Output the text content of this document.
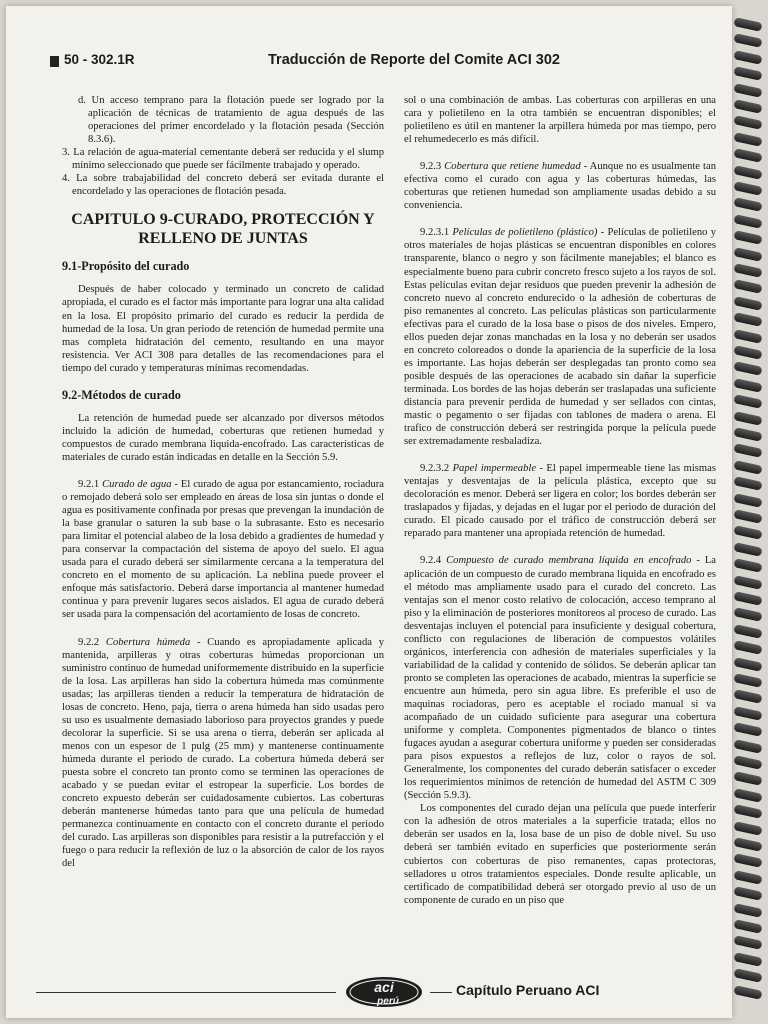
50 - 302.1R	Traducción de Reporte del Comite ACI 302

d. Un acceso temprano para la flotación puede ser logrado por la aplicación de técnicas de tratamiento de agua después de las operaciones del primer encordelado y la flotación pesada (Sección 8.3.6).

3. La relación de agua-material cementante deberá ser reducida y el slump mínimo seleccionado que puede ser fácilmente trabajado y operado.

4. La sobre trabajabilidad del concreto deberá ser evitada durante el encordelado y las operaciones de flotación pesada.

CAPITULO 9-CURADO, PROTECCIÓN Y
RELLENO DE JUNTAS
9.1-Propósito del curado

Después de haber colocado y terminado un concreto de calidad apropiada, el curado es el factor más importante para lograr una alta calidad en la losa. El propósito primario del curado es reducir la perdida de humedad de la losa. Un gran periodo de retención de humedad permite una mas completa hidratación del cemento, resultando en una mayor resistencia. Ver ACI 308 para detalles de las recomendaciones para el tiempo del curado y temperaturas mínimas recomendadas.

9.2-Métodos de curado

La retención de humedad puede ser alcanzado por diversos métodos incluido la adición de humedad, coberturas que retienen humedad y compuestos de curado membrana liquida-encofrado. Las características de materiales de curado están indicadas en detalle en la Sección 5.9.

9.2.1 Curado de agua - El curado de agua por estancamiento, rociadura o remojado deberá solo ser empleado en áreas de losa sin juntas o donde el agua es positivamente confinada por presas que prevengan la inundación de la base granular o saturen la sub base o la subrasante. Esto es necesario para limitar el potencial alabeo de la losa debido a gradientes de humedad y para conservar la compactación del sistema de apoyo del suelo. El agua usada para el curado deberá ser similarmente cercana a la temperatura del concreto en el momento de su aplicación. La neblina puede proveer el enfoque más satisfactorio. Deberá darse importancia al mantener humedad continua y para prevenir lugares secos aislados. El agua de curado deberá ser usada para la compensación del acortamiento de losas de concreto.

9.2.2 Cobertura húmeda - Cuando es apropiadamente aplicada y mantenida, arpilleras y otras coberturas húmedas proporcionan un suministro continuo de humedad uniformemente distribuido en la superficie de la losa. Las arpilleras han sido la cobertura húmeda mas comúnmente usadas; las arpilleras tienden a reducir la temperatura de hidratación de losas de concreto. Heno, paja, tierra o arena húmeda han sido usadas pero su uso es usualmente demasiado laborioso para proyectos grandes y puede decolorar la superficie. Si se usa arena o tierra, deberán ser aplicada al menos con un espesor de 1 pulg (25 mm) y mantenerse continuamente húmeda durante el periodo de curado. La cobertura húmeda deberá ser puesta sobre el concreto tan pronto como se terminen las operaciones de acabado y se puedan evitar el estropear la superficie. Los bordes de concreto expuesto deberán ser cuidadosamente cubiertos. Las coberturas deberán mantenerse húmedas tanto para que una película de humedad permanezca continuamente en contacto con el concreto durante el periodo del curado. Las arpilleras son disponibles para resistir a la putrefacción y el fuego o para reducir la reflexión de luz o la absorción de calor de los rayos del

sol o una combinación de ambas. Las coberturas con arpilleras en una cara y polietileno en la otra también se encuentran disponibles; el polietileno es útil en mantener la arpillera húmeda por mas tiempo, pero el rehumedecerlo es más difícil.

9.2.3 Cobertura que retiene humedad - Aunque no es usualmente tan efectiva como el curado con agua y las coberturas húmedas, las coberturas que retienen humedad son ampliamente usadas debido a su conveniencia.

9.2.3.1 Películas de polietileno (plástico) - Películas de polietileno y otros materiales de hojas plásticas se encuentran disponibles en colores transparente, blanco o negro y son fácilmente manejables; el blanco es especialmente bueno para cubrir concreto fresco sujeto a los rayos de sol. Estas películas evitan dejar residuos que pueden prevenir la adhesión de concreto nuevo al concreto endurecido o la adhesión de coberturas de piso remanentes al concreto. Las películas plásticas son particularmente efectivas para el curado de la losa base o pisos de dos niveles. Empero, ellos pueden dejar zonas manchadas en la losa y no deberán ser usados en concreto coloreados o donde la apariencia de la superficie de la losa es importante. Las hojas deberán ser desplegadas tan pronto como sea posible después de las operaciones de acabado sin dañar la superficie terminada. Los bordes de las hojas deberán ser traslapadas una suficiente distancia para prevenir perdida de humedad y ser sellados con cintas, mastic o pegamento o ser fijadas con tablones de madera o arena. El trafico de construcción deberá ser restringida porque la película puede ser extremadamente resbaladiza.

9.2.3.2 Papel impermeable - El papel impermeable tiene las mismas ventajas y desventajas de la película plástica, excepto que su decoloración es menor. Deberá ser ligera en color; los bordes deberán ser traslapados y fijadas, y dejadas en el lugar por el periodo de duración del curado. El picado causado por el tráfico de construcción deberá ser reparado para mantener una apropiada retención de humedad.

9.2.4 Compuesto de curado membrana líquida en encofrado - La aplicación de un compuesto de curado membrana liquida en encofrado es el método mas ampliamente usado para el curado del concreto. Las ventajas son el menor costo relativo de colocación, acceso temprano al piso y la eliminación de posteriores monitoreos al proceso de curado. Las desventajas incluyen el potencial para insuficiente y desigual cobertura, conflicto con regulaciones de liberación de compuestos volátiles orgánicos, interferencia con adhesión de materiales superficiales y la variabilidad de la calidad y contenido de sólidos. Se deberán aplicar tan pronto se completen las operaciones de acabado, mientras la superficie se encuentre aun húmeda, pero sin agua libre. Es preferible el uso de maquinas rociadoras, pero es aceptable el rociado manual si va acompañado de un cuidado suficiente para asegurar una cobertura uniforme y completa. Componentes pigmentados de blanco o tintes fugaces ayudan a asegurar cobertura uniforme y pueden ser consideradas para pisos expuestos a reflejos de luz, color o rayos de sol. Generalmente, los componentes del curado deberán satisfacer o exceder los requerimientos mínimos de retención de humedad del ASTM C 309 (Sección 5.9.3).

Los componentes del curado dejan una película que puede interferir con la adhesión de otros materiales a la superficie tratada; ellos no deberán ser usados en la, losa base de un piso de doble nivel. Su uso deberá ser también evitado en superficies que posteriormente serán cubiertos con coberturas de piso remanentes, capas protectoras, selladores u otros tratamientos especiales. Donde resulte aplicable, un certificado de compatibilidad deberá ser otorgado previo al uso de un componente de curado en un piso que

aci
perú
Capítulo Peruano ACI
